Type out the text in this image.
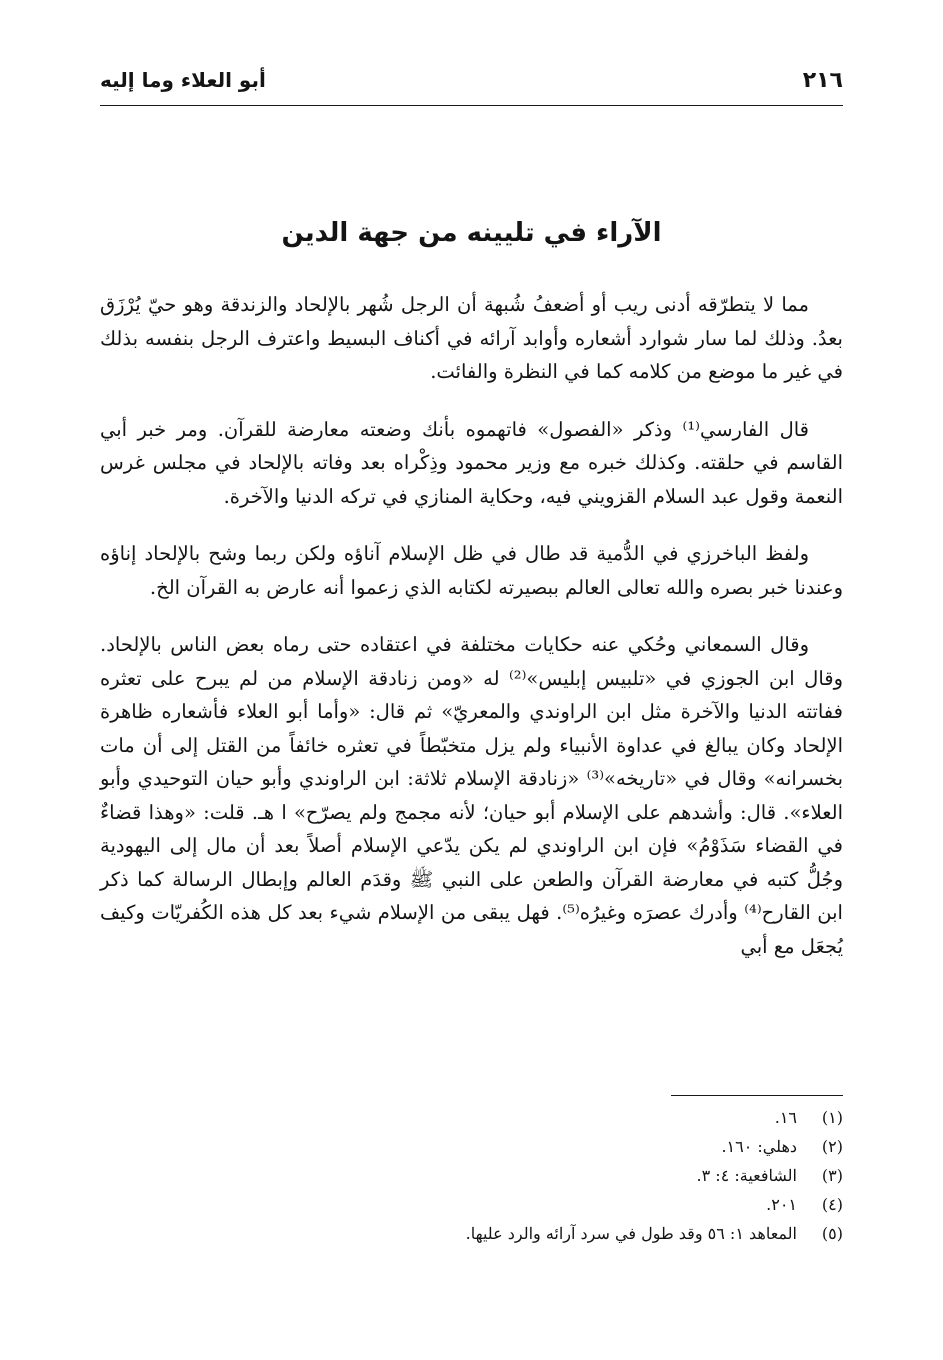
٢١٦
أبو العلاء وما إليه
الآراء في تليينه من جهة الدين

مما لا يتطرّقه أدنى ريب أو أضعفُ شُبهة أن الرجل شُهر بالإلحاد والزندقة وهو حيّ يُرْزَق بعدُ. وذلك لما سار شوارد أشعاره وأوابد آرائه في أكناف البسيط واعترف الرجل بنفسه بذلك في غير ما موضع من كلامه كما في النظرة والفائت.

قال الفارسي⁽¹⁾ وذكر «الفصول» فاتهموه بأنك وضعته معارضة للقرآن. ومر خبر أبي القاسم في حلقته. وكذلك خبره مع وزير محمود وذِكْراه بعد وفاته بالإلحاد في مجلس غرس النعمة وقول عبد السلام القزويني فيه، وحكاية المنازي في تركه الدنيا والآخرة.

ولفظ الباخرزي في الدُّمية قد طال في ظل الإسلام آناؤه ولكن ربما وشح بالإلحاد إناؤه وعندنا خبر بصره والله تعالى العالم ببصيرته لكتابه الذي زعموا أنه عارض به القرآن الخ.

وقال السمعاني وحُكي عنه حكايات مختلفة في اعتقاده حتى رماه بعض الناس بالإلحاد. وقال ابن الجوزي في «تلبيس إبليس»⁽²⁾ له «ومن زنادقة الإسلام من لم يبرح على تعثره ففاتته الدنيا والآخرة مثل ابن الراوندي والمعريّ» ثم قال: «وأما أبو العلاء فأشعاره ظاهرة الإلحاد وكان يبالغ في عداوة الأنبياء ولم يزل متخبّطاً في تعثره خائفاً من القتل إلى أن مات بخسرانه» وقال في «تاريخه»⁽³⁾ «زنادقة الإسلام ثلاثة: ابن الراوندي وأبو حيان التوحيدي وأبو العلاء». قال: وأشدهم على الإسلام أبو حيان؛ لأنه مجمج ولم يصرّح» ا هـ. قلت: «وهذا قضاءٌ في القضاء سَذَوْمُ» فإن ابن الراوندي لم يكن يدّعي الإسلام أصلاً بعد أن مال إلى اليهودية وجُلُّ كتبه في معارضة القرآن والطعن على النبي ﷺ وقدَم العالم وإبطال الرسالة كما ذكر ابن القارح⁽⁴⁾ وأدرك عصرَه وغيرُه⁽⁵⁾. فهل يبقى من الإسلام شيء بعد كل هذه الكُفريّات وكيف يُجعَل مع أبي

(١)
١٦.
(٢)
دهلي: ١٦٠.
(٣)
الشافعية: ٤: ٣.
(٤)
٢٠١.
(٥)
المعاهد ١: ٥٦ وقد طول في سرد آرائه والرد عليها.
